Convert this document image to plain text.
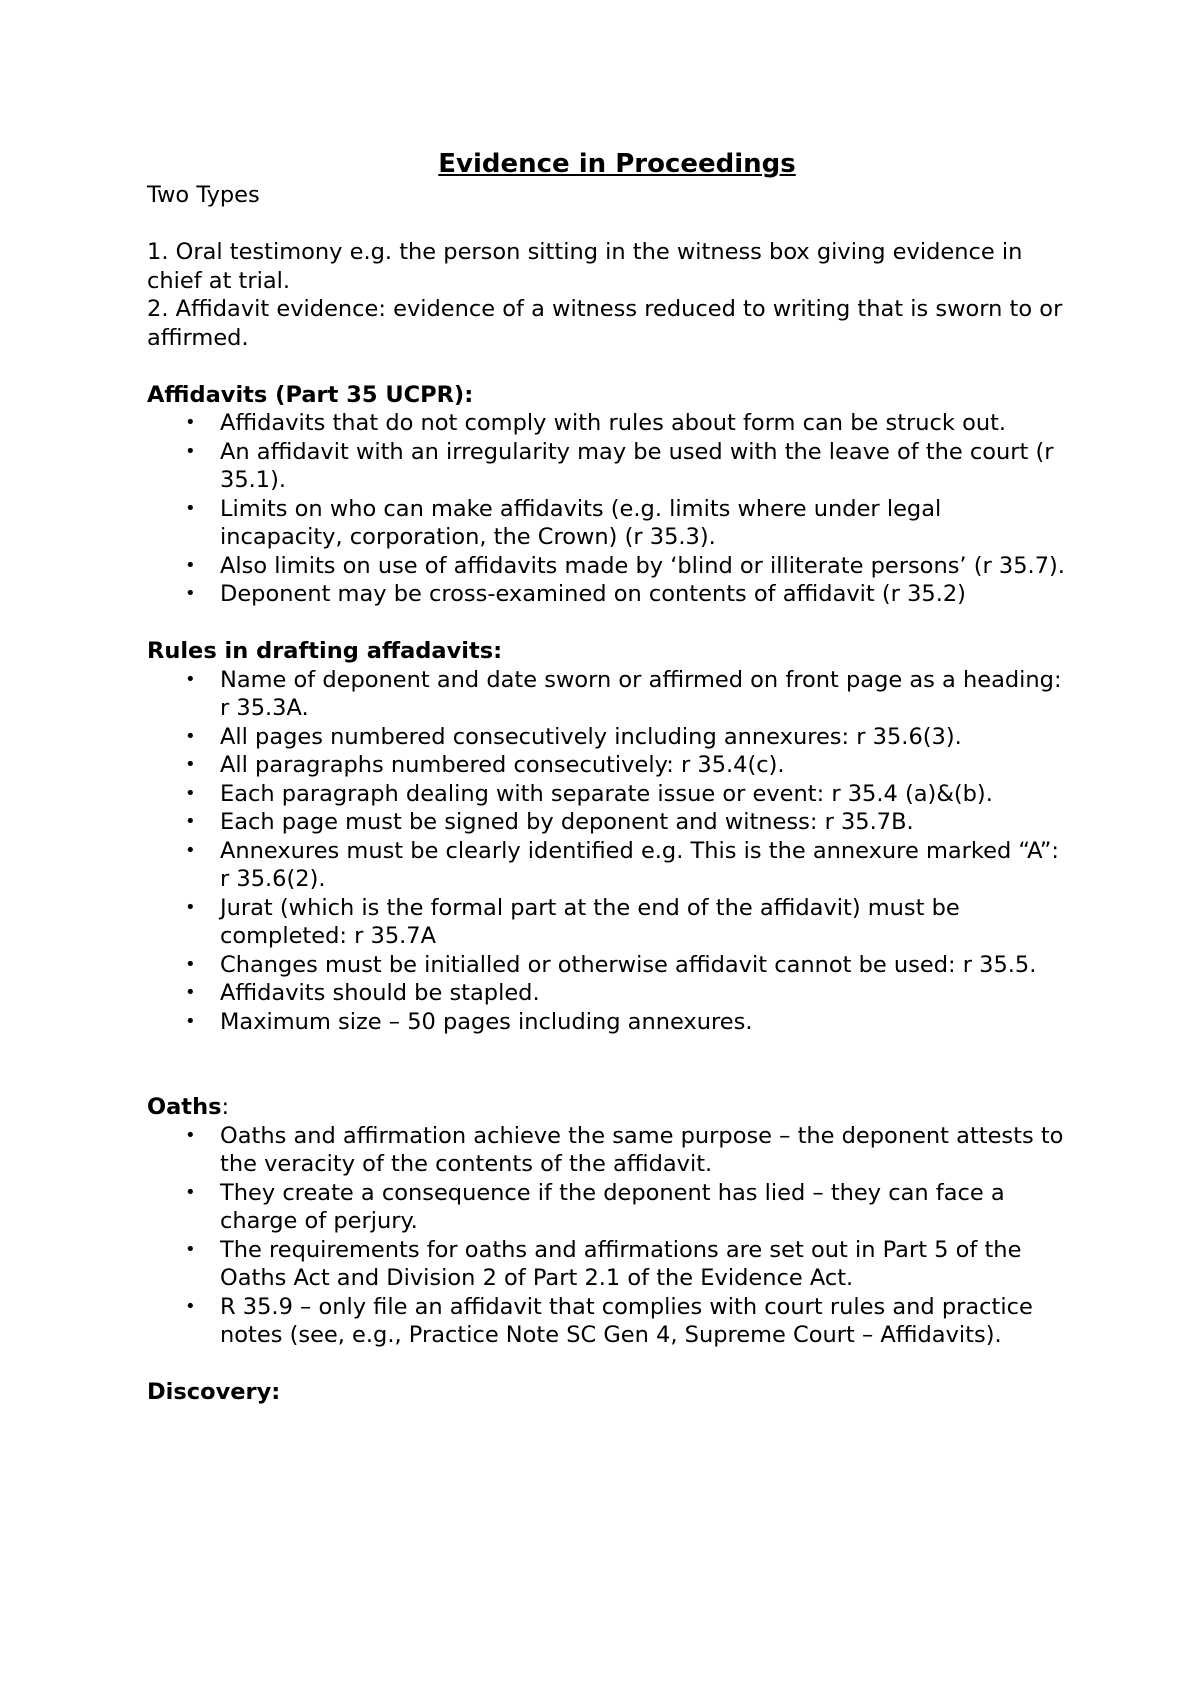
Evidence in Proceedings

Two Types

1. Oral testimony e.g. the person sitting in the witness box giving evidence in chief at trial.

2. Affidavit evidence: evidence of a witness reduced to writing that is sworn to or affirmed.

Affidavits (Part 35 UCPR):

• Affidavits that do not comply with rules about form can be struck out.
• An affidavit with an irregularity may be used with the leave of the court (r 35.1).
• Limits on who can make affidavits (e.g. limits where under legal incapacity, corporation, the Crown) (r 35.3).
• Also limits on use of affidavits made by ‘blind or illiterate persons’ (r 35.7).
• Deponent may be cross-examined on contents of affidavit (r 35.2)

Rules in drafting affadavits:

• Name of deponent and date sworn or affirmed on front page as a heading: r 35.3A.
• All pages numbered consecutively including annexures: r 35.6(3).
• All paragraphs numbered consecutively: r 35.4(c).
• Each paragraph dealing with separate issue or event: r 35.4 (a)&(b).
• Each page must be signed by deponent and witness: r 35.7B.
• Annexures must be clearly identified e.g. This is the annexure marked “A”: r 35.6(2).
• Jurat (which is the formal part at the end of the affidavit) must be completed: r 35.7A
• Changes must be initialled or otherwise affidavit cannot be used: r 35.5.
• Affidavits should be stapled.
• Maximum size – 50 pages including annexures.

Oaths:

• Oaths and affirmation achieve the same purpose – the deponent attests to the veracity of the contents of the affidavit.
• They create a consequence if the deponent has lied – they can face a charge of perjury.
• The requirements for oaths and affirmations are set out in Part 5 of the Oaths Act and Division 2 of Part 2.1 of the Evidence Act.
• R 35.9 – only file an affidavit that complies with court rules and practice notes (see, e.g., Practice Note SC Gen 4, Supreme Court – Affidavits).

Discovery:
